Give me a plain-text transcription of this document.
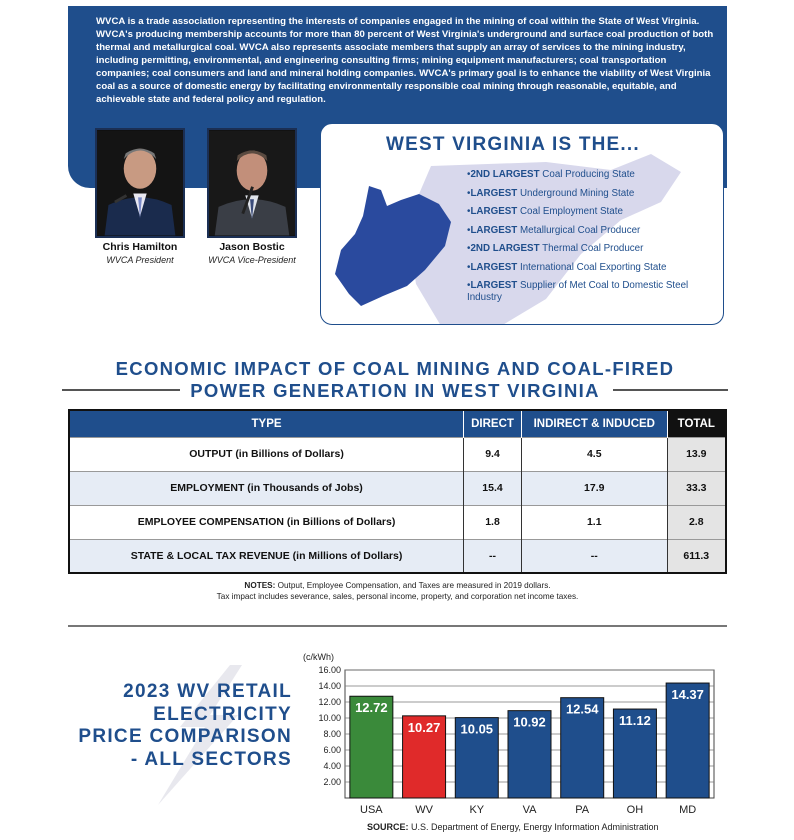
WVCA is a trade association representing the interests of companies engaged in the mining of coal within the State of West Virginia. WVCA's producing membership accounts for more than 80 percent of West Virginia's underground and surface coal production of both thermal and metallurgical coal. WVCA also represents associate members that supply an array of services to the mining industry, including permitting, environmental, and engineering consulting firms; mining equipment manufacturers; coal transportation companies; coal consumers and land and mineral holding companies. WVCA's primary goal is to enhance the viability of West Virginia coal as a source of domestic energy by facilitating environmentally responsible coal mining through reasonable, equitable, and achievable state and federal policy and regulation.

Chris Hamilton
WVCA President
Jason Bostic
WVCA Vice-President
WEST VIRGINIA IS THE...
•2ND LARGEST Coal Producing State
•LARGEST Underground Mining State
•LARGEST Coal Employment State
•LARGEST Metallurgical Coal Producer
•2ND LARGEST Thermal Coal Producer
•LARGEST International Coal Exporting State
•LARGEST Supplier of Met Coal to Domestic Steel Industry
ECONOMIC IMPACT OF COAL MINING AND COAL-FIRED
POWER GENERATION IN WEST VIRGINIA
TYPE	DIRECT	INDIRECT & INDUCED	TOTAL
OUTPUT (in Billions of Dollars)	9.4	4.5	13.9
EMPLOYMENT (in Thousands of Jobs)	15.4	17.9	33.3
EMPLOYEE COMPENSATION (in Billions of Dollars)	1.8	1.1	2.8
STATE & LOCAL TAX REVENUE (in Millions of Dollars)	--	--	611.3
NOTES: Output, Employee Compensation, and Taxes are measured in 2019 dollars.
Tax impact includes severance, sales, personal income, property, and corporation net income taxes.
2023 WV RETAIL
ELECTRICITY
PRICE COMPARISON
- ALL SECTORS
(c/kWh)
16.00
14.00
12.00
10.00
8.00
6.00
4.00
2.00
12.72
10.27 10.05 10.92
12.54
11.12
14.37
USA	WV	KY	VA	PA	OH	MD
SOURCE: U.S. Department of Energy, Energy Information Administration
